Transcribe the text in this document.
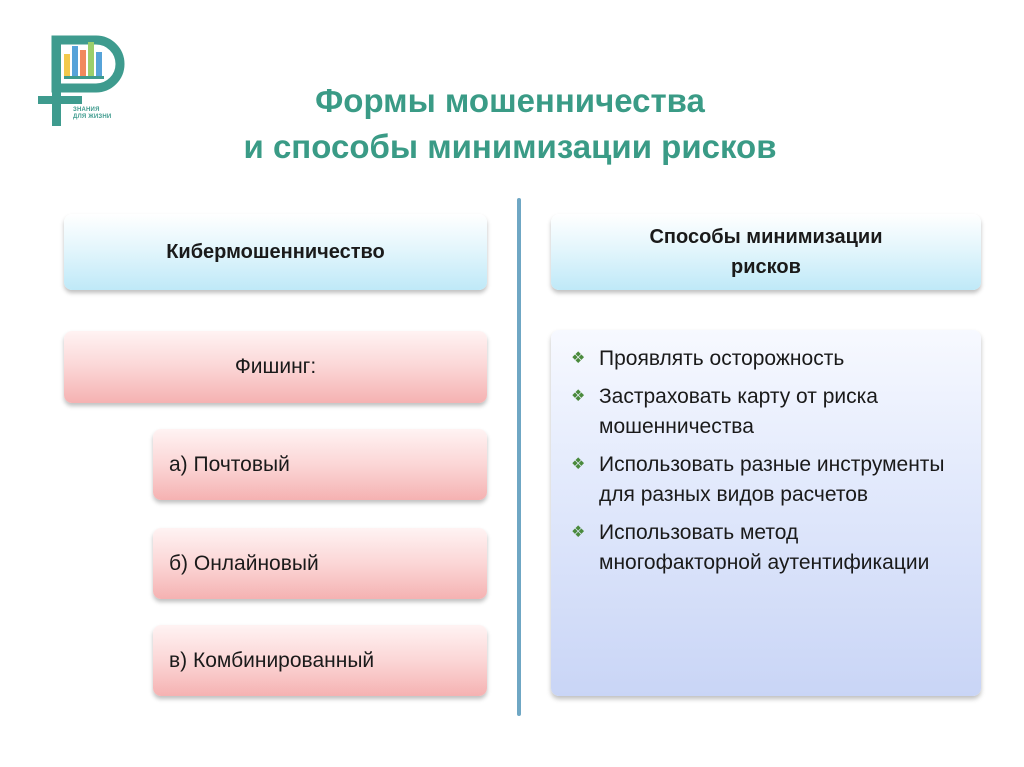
ЗНАНИЯ
ДЛЯ ЖИЗНИ	Формы мошенничества
и способы минимизации рисков
Кибермошенничество
Фишинг:
а) Почтовый
б) Онлайновый
в) Комбинированный
Способы минимизации
рисков
❖ Проявлять осторожность
❖ Застраховать карту от риска мошенничества
❖ Использовать разные инструменты для разных видов расчетов
❖ Использовать метод многофакторной аутентификации
